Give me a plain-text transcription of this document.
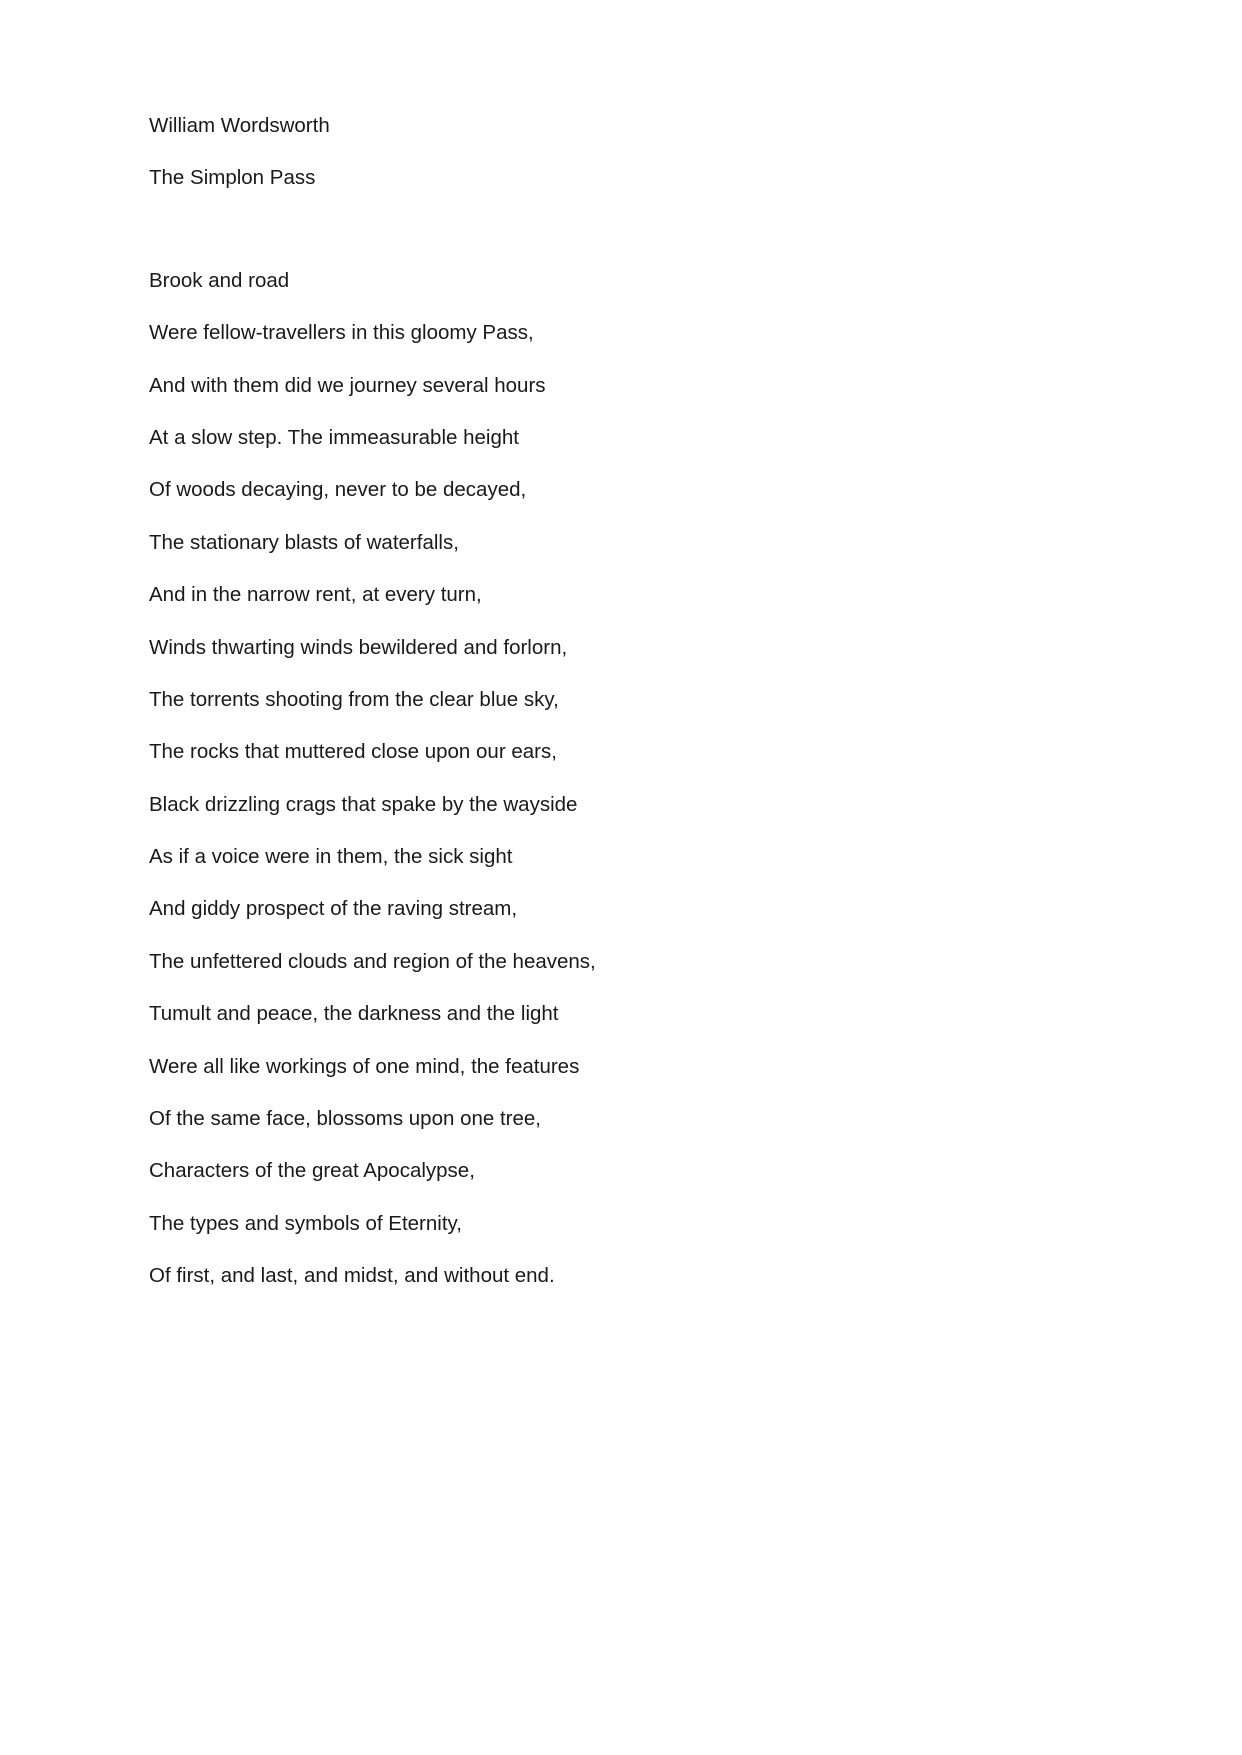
William Wordsworth
The Simplon Pass
Brook and road
Were fellow-travellers in this gloomy Pass,
And with them did we journey several hours
At a slow step. The immeasurable height
Of woods decaying, never to be decayed,
The stationary blasts of waterfalls,
And in the narrow rent, at every turn,
Winds thwarting winds bewildered and forlorn,
The torrents shooting from the clear blue sky,
The rocks that muttered close upon our ears,
Black drizzling crags that spake by the wayside
As if a voice were in them, the sick sight
And giddy prospect of the raving stream,
The unfettered clouds and region of the heavens,
Tumult and peace, the darkness and the light
Were all like workings of one mind, the features
Of the same face, blossoms upon one tree,
Characters of the great Apocalypse,
The types and symbols of Eternity,
Of first, and last, and midst, and without end.
